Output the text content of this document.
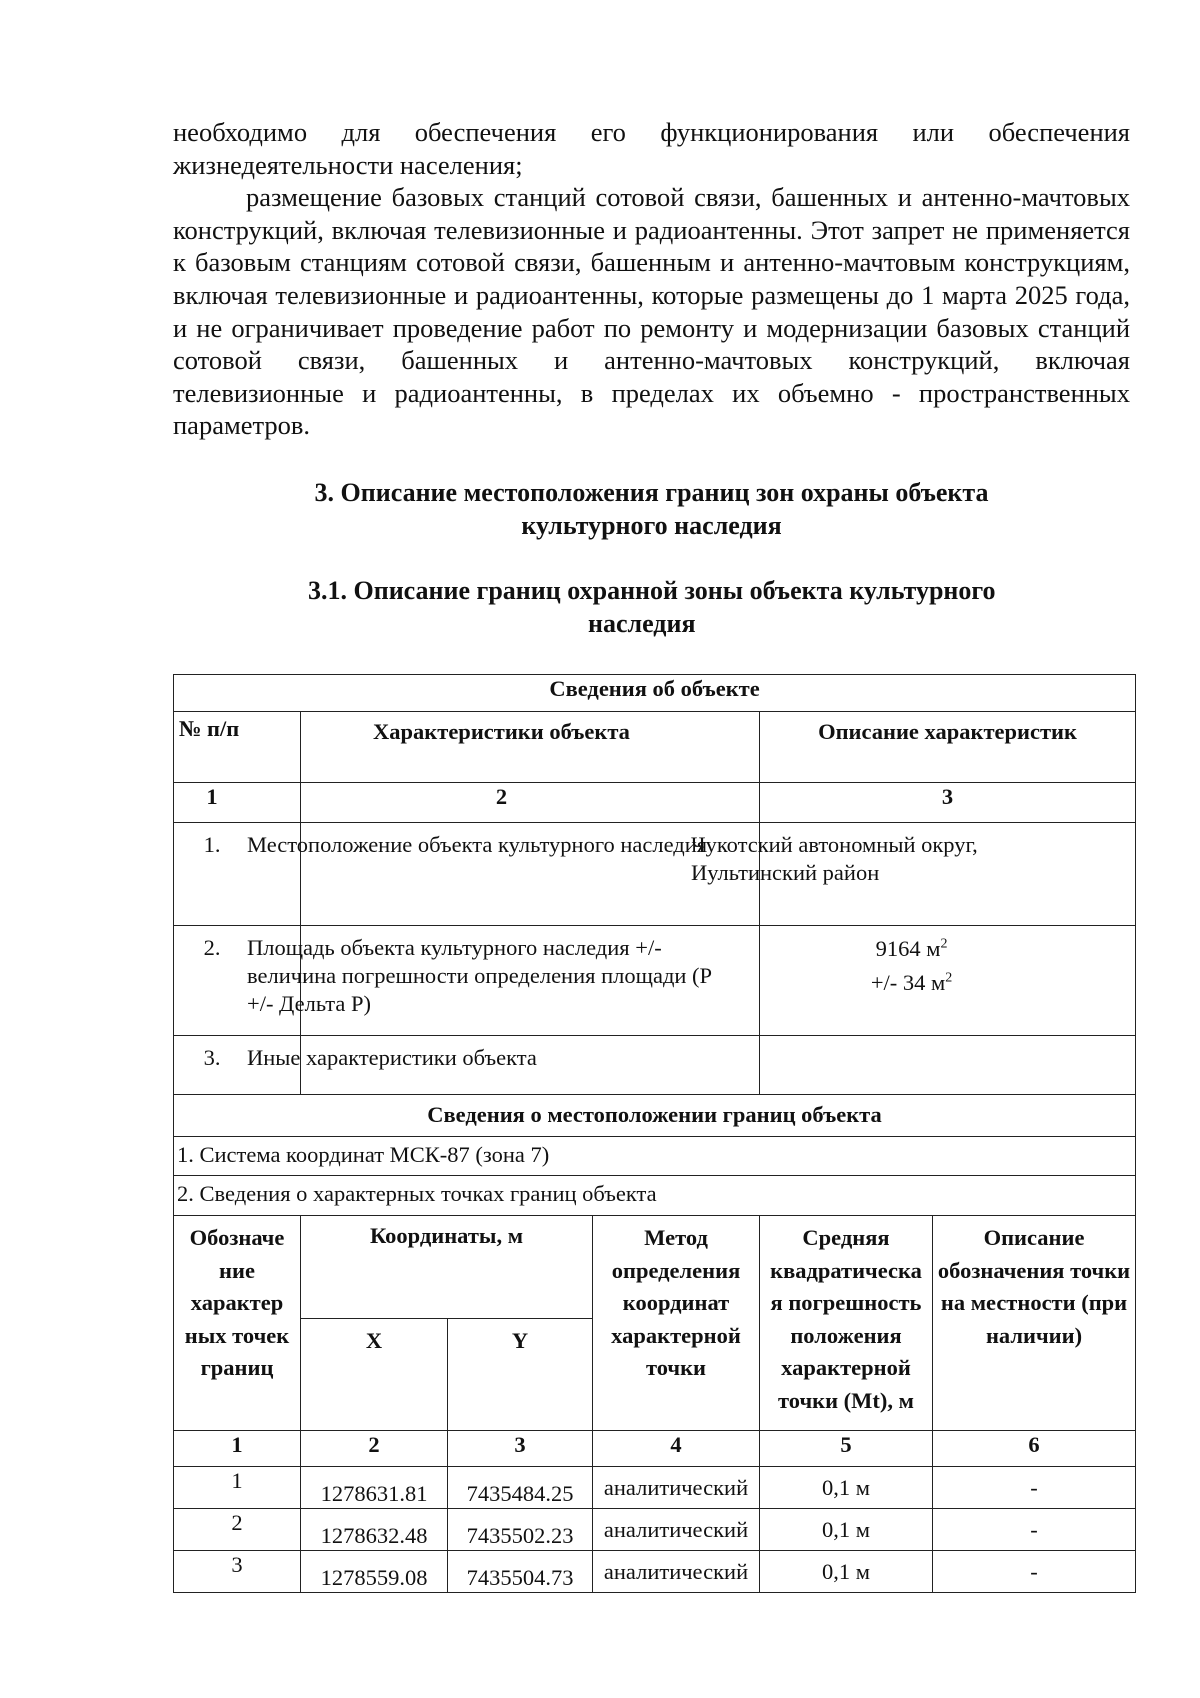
необходимо для обеспечения его функционирования или обеспечения жизнедеятельности населения;

размещение базовых станций сотовой связи, башенных и антенно-мачтовых конструкций, включая телевизионные и радиоантенны. Этот запрет не применяется к базовым станциям сотовой связи, башенным и антенно-мачтовым конструкциям, включая телевизионные и радиоантенны, которые размещены до 1 марта 2025 года, и не ограничивает проведение работ по ремонту и модернизации базовых станций сотовой связи, башенных и антенно-мачтовых конструкций, включая телевизионные и радиоантенны, в пределах их объемно - пространственных параметров.

3. Описание местоположения границ зон охраны объекта

культурного наследия

3.1. Описание границ охранной зоны объекта культурного

наследия

Сведения об объекте					

№ п/п	Характеристики объекта			Описание характеристик	

1	2			3	

1.	Местоположение объекта культурного наследия			Чукотский автономный округ,
Иультинский район	

2.	Площадь объекта культурного наследия +/- величина погрешности определения площади (Р +/- Дельта Р)			9164 $м^2$
+/- 34 $м^2$

3.	Иные характеристики объекта				

Сведения о местоположении границ объекта					
1. Система координат МСК-87 (зона 7)					
2. Сведения о характерных точках границ объекта					
Обозначе ние характер ных точек границ	Координаты, м		Метод определения координат характерной точки	Средняя квадратическа я погрешность положения характерной точки (Mt), м	Описание обозначения точки на местности (при наличии)
	X	Y			
1	2	3	4	5	6
1	1278631.81	7435484.25	аналитический	0,1 м	-
2	1278632.48	7435502.23	аналитический	0,1 м	-
3	1278559.08	7435504.73	аналитический	0,1 м	-
